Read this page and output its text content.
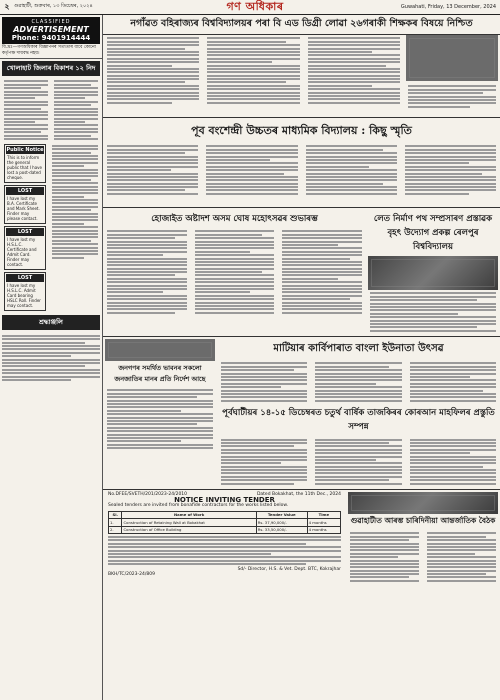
২ গুৱাহাটী, শুক্ৰবাৰ, ১৩ ডিচেম্বৰ, ২০২৪	গণ অধিকাৰ	Guwahati, Friday, 13 December, 2024
CLASSIFIED
ADVERTISEMENT
Phone: 9401914444
বি.দ্ৰঃ—গণঅধিকাৰ বিজ্ঞাপনৰ সত্যতাৰ বাবে কোনো কৰ্তৃপক্ষ দায়বদ্ধ নহয়।
খোলাহাট জিলাৰ বিকাশৰ ১২ নিদ
Public Notice
This is to inform the general public that I have lost a post-dated cheque.
LOST
I have lost my B.A. Certificate and Mark Sheet. Finder may please contact.
LOST
I have lost my H.S.L.C. Certificate and Admit Card. Finder may contact.
LOST
I have lost my H.S.L.C. Admit Card bearing HSLC Roll. Finder may contact.
শ্ৰদ্ধাঞ্জলি
নগাঁৱত বহিৰাজ্যৰ বিশ্ববিদ্যালয়ৰ পৰা বি এড ডিগ্ৰী লোৱা ২৬গৰাকী শিক্ষকৰ বিষয়ে নিশ্চিত
পূব বংশেন্দ্ৰী উচ্চতৰ মাধ্যমিক বিদ্যালয় : কিছু স্মৃতি
হোজাইত অষ্টাদশ অসম ঘোষ মহোৎসৱৰ শুভাৰম্ভ	লেত নিৰ্মাণ পথ সম্প্ৰসাৰণ প্ৰস্তাৱক বৃহৎ উদ্যোগ প্ৰকল্প ৰেলপুৰ বিশ্ববিদ্যালয়
জনগণৰ সমৰ্থিত ভাবনৰ সকলো জনজাতিৰ মানৰ প্ৰতি নিৰ্দেশ আছে
মাটিয়াৰ কাৰ্বিপাৰাত বাংলা ইউনাতা উৎসৱ
পূৰ্বঘাটীয়ৰ ১৪-১৫ ডিচেম্বৰত চতুৰ্থ বাৰ্ষিক তাজকিৰৰ কোৰআন মাহফিলৰ প্ৰস্তুতি সম্পন্ন
No.DFEE/SVETH/201/2023-24/2010	Dated Bokakhat, the 11th Dec., 2024
NOTICE INVITING TENDER
Sealed tenders are invited from bonafide contractors for the works listed below.
Sl.	Name of Work	Tender Value	Time
1.	Construction of Retaining Wall at Bokakhat	Rs. 37,90,000/-	4 months
2.	Construction of Office Building	Rs. 33,50,000/-	4 months
Sd/- Director, H.S. & Vet. Dept. BTC, Kokrajhar
BKH/TC/2023-24/809
গুৱাহাটীত আৰম্ভ চাৰিদিনীয়া আন্তৰ্জাতিক বৈঠক
